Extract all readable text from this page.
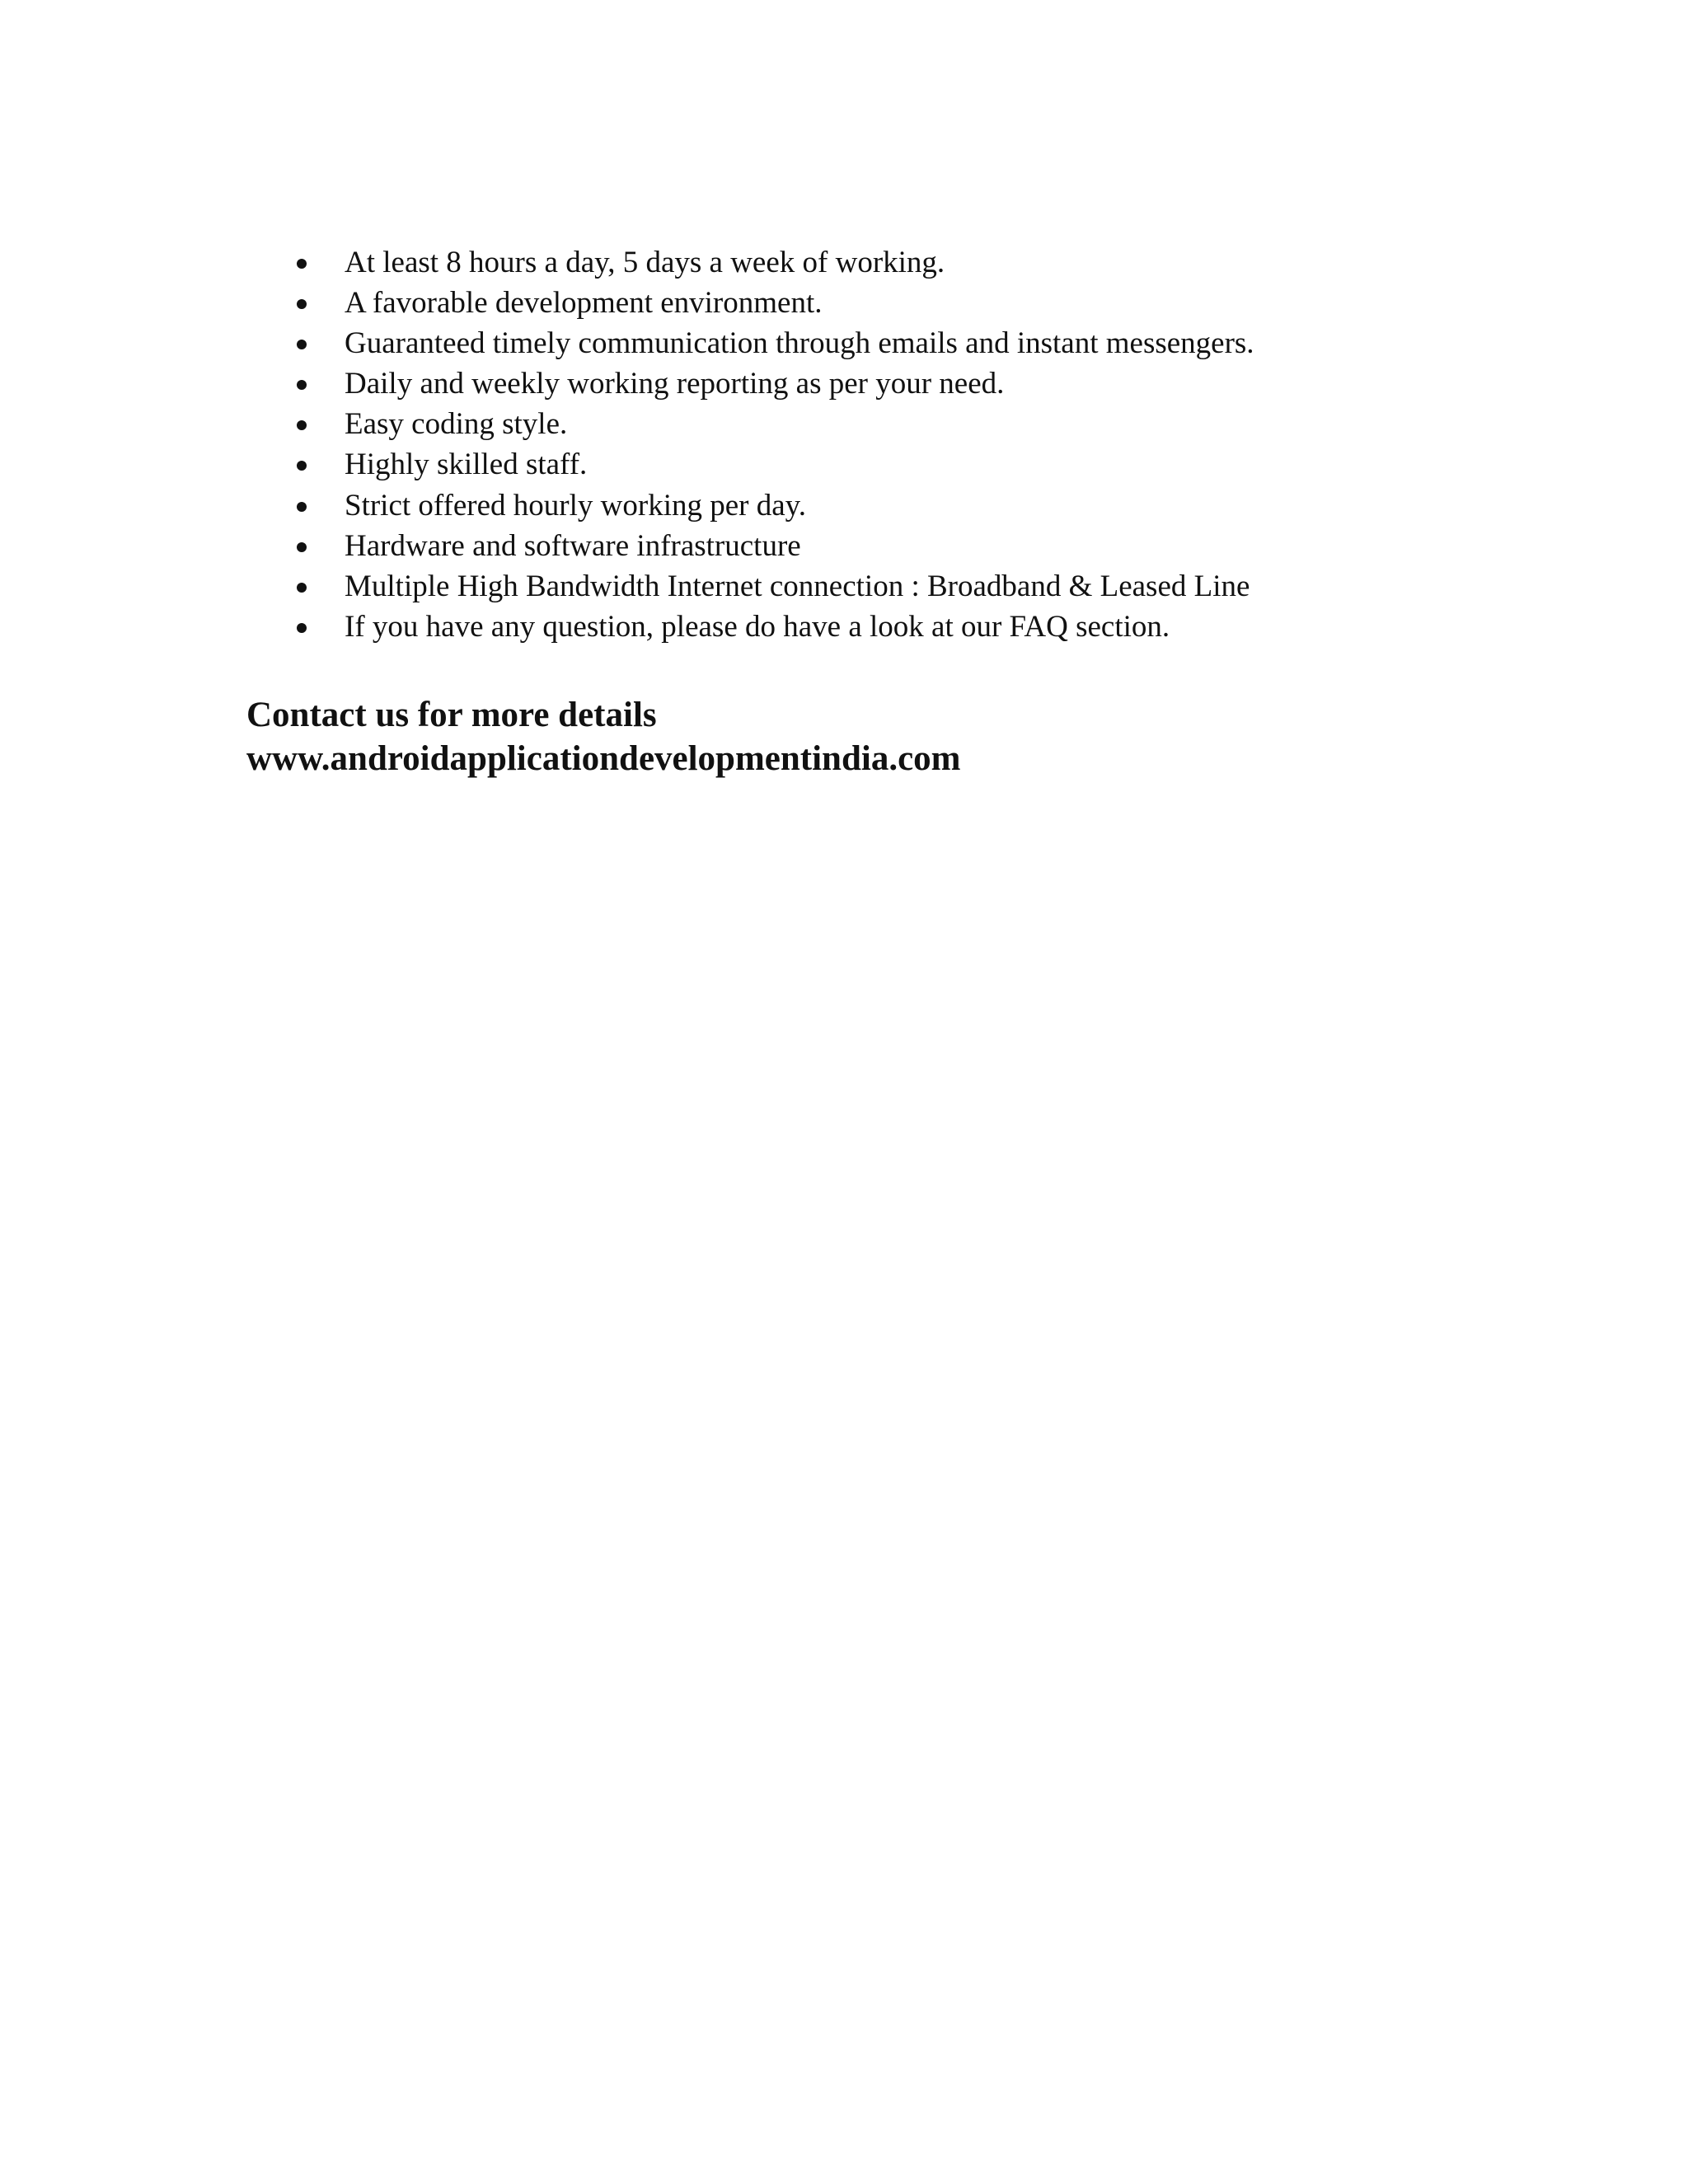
At least 8 hours a day, 5 days a week of working.
A favorable development environment.
Guaranteed timely communication through emails and instant messengers.
Daily and weekly working reporting as per your need.
Easy coding style.
Highly skilled staff.
Strict offered hourly working per day.
Hardware and software infrastructure
Multiple High Bandwidth Internet connection : Broadband & Leased Line
If you have any question, please do have a look at our FAQ section.
Contact us for more details
www.androidapplicationdevelopmentindia.com
